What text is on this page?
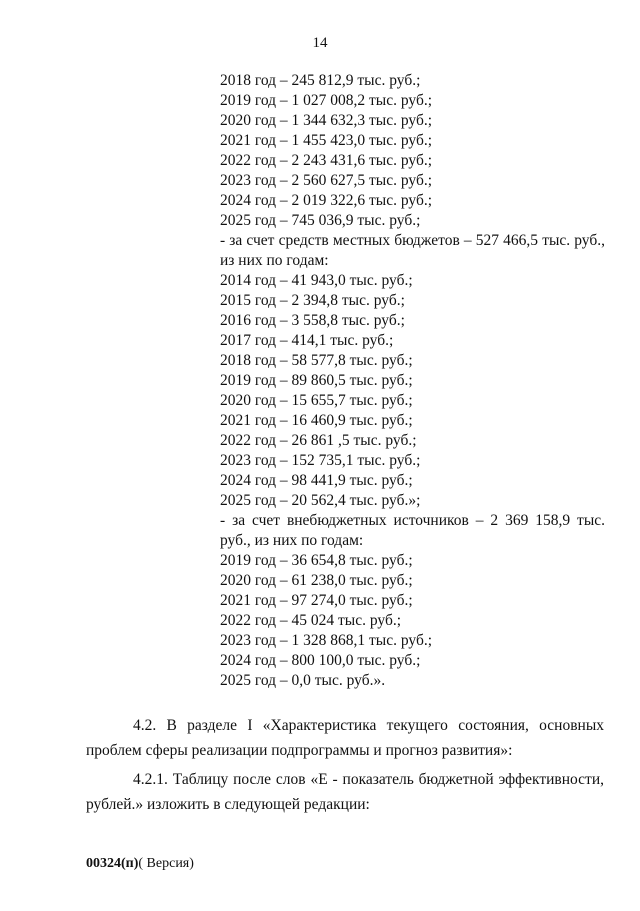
14
2018 год – 245 812,9 тыс. руб.;
2019 год – 1 027 008,2 тыс. руб.;
2020 год – 1 344 632,3 тыс. руб.;
2021 год – 1 455 423,0 тыс. руб.;
2022 год – 2 243 431,6 тыс. руб.;
2023 год – 2 560 627,5 тыс. руб.;
2024 год – 2 019 322,6 тыс. руб.;
2025 год – 745 036,9 тыс. руб.;
- за счет средств местных бюджетов – 527 466,5 тыс. руб.,
из них по годам:
2014 год – 41 943,0 тыс. руб.;
2015 год – 2 394,8 тыс. руб.;
2016 год – 3 558,8 тыс. руб.;
2017 год – 414,1 тыс. руб.;
2018 год – 58 577,8 тыс. руб.;
2019 год – 89 860,5 тыс. руб.;
2020 год – 15 655,7 тыс. руб.;
2021 год – 16 460,9 тыс. руб.;
2022 год – 26 861 ,5 тыс. руб.;
2023 год – 152 735,1 тыс. руб.;
2024 год – 98 441,9 тыс. руб.;
2025 год – 20 562,4 тыс. руб.»;
- за счет внебюджетных источников – 2 369 158,9 тыс.
руб., из них по годам:
2019 год – 36 654,8 тыс. руб.;
2020 год – 61 238,0 тыс. руб.;
2021 год – 97 274,0 тыс. руб.;
2022 год – 45 024 тыс. руб.;
2023 год – 1 328 868,1 тыс. руб.;
2024 год – 800 100,0 тыс. руб.;
2025 год – 0,0 тыс. руб.».
4.2. В разделе I «Характеристика текущего состояния, основных проблем сферы реализации подпрограммы и прогноз развития»:
4.2.1. Таблицу после слов «E - показатель бюджетной эффективности, рублей.» изложить в следующей редакции:
00324(п)( Версия)
